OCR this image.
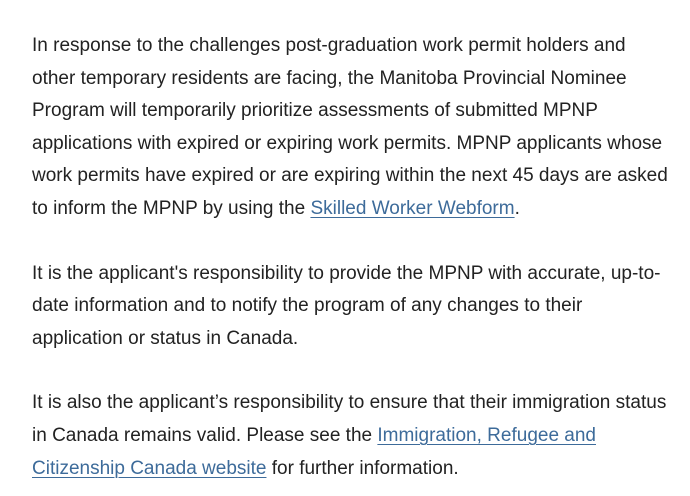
In response to the challenges post-graduation work permit holders and other temporary residents are facing, the Manitoba Provincial Nominee Program will temporarily prioritize assessments of submitted MPNP applications with expired or expiring work permits. MPNP applicants whose work permits have expired or are expiring within the next 45 days are asked to inform the MPNP by using the Skilled Worker Webform.

It is the applicant's responsibility to provide the MPNP with accurate, up-to-date information and to notify the program of any changes to their application or status in Canada.

It is also the applicant’s responsibility to ensure that their immigration status in Canada remains valid. Please see the Immigration, Refugee and Citizenship Canada website for further information.
